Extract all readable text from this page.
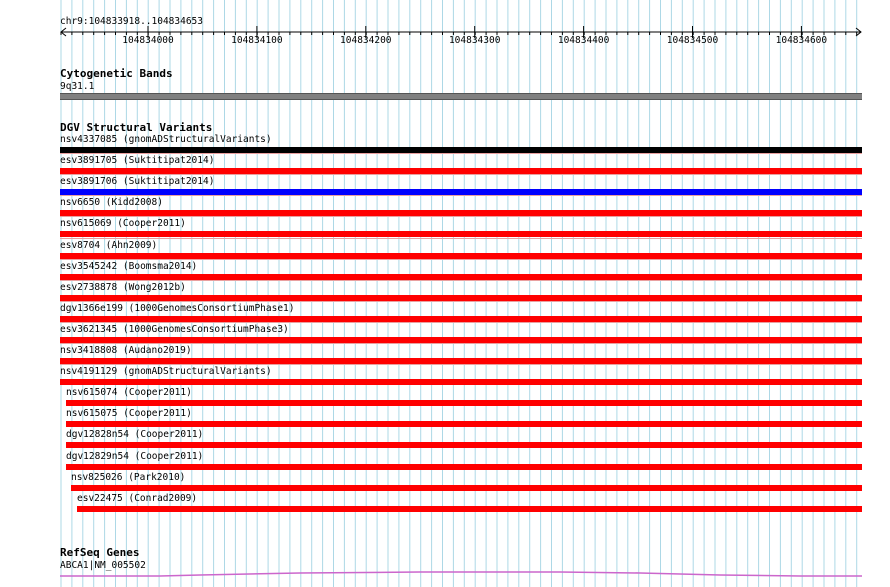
chr9:104833918..104834653
104834000	104834100	104834200	104834300	104834400	104834500	104834600
Cytogenetic Bands
9q31.1
DGV Structural Variants
nsv4337085 (gnomADStructuralVariants)
esv3891705 (Suktitipat2014)
esv3891706 (Suktitipat2014)
nsv6650 (Kidd2008)
nsv615069 (Cooper2011)
esv8704 (Ahn2009)
esv3545242 (Boomsma2014)
esv2738878 (Wong2012b)
dgv1366e199 (1000GenomesConsortiumPhase1)
esv3621345 (1000GenomesConsortiumPhase3)
nsv3418808 (Audano2019)
nsv4191129 (gnomADStructuralVariants)
nsv615074 (Cooper2011)
nsv615075 (Cooper2011)
dgv12828n54 (Cooper2011)
dgv12829n54 (Cooper2011)
nsv825026 (Park2010)
esv22475 (Conrad2009)
RefSeq Genes
ABCA1|NM_005502
